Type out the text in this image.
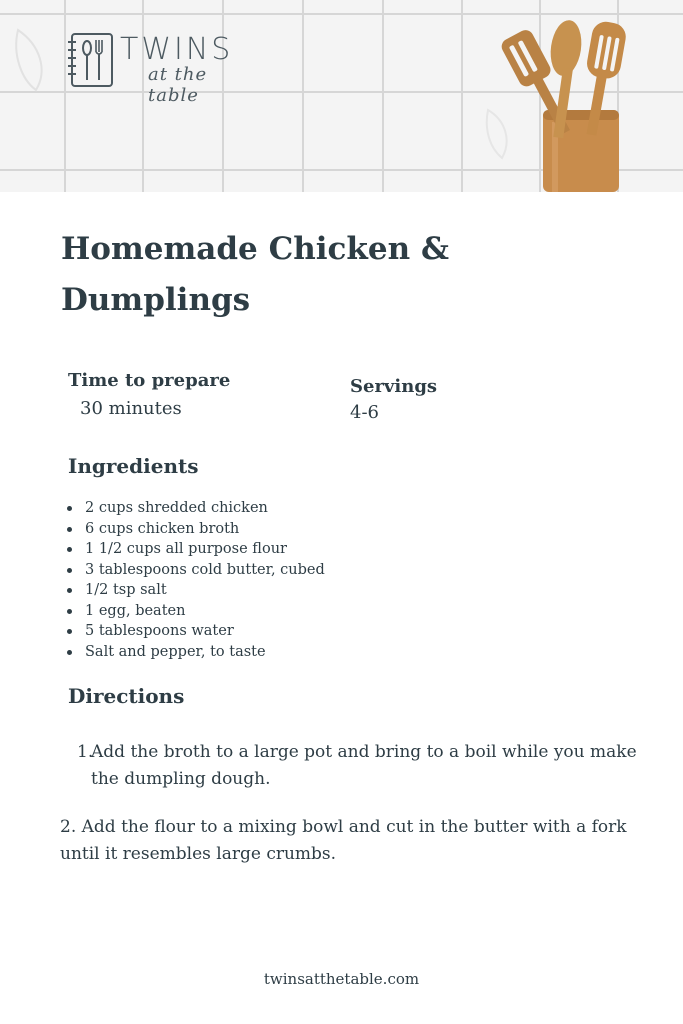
TWINS
at the table
Homemade Chicken & Dumplings

Time to prepare

30 minutes

Servings

4-6

Ingredients
2 cups shredded chicken
6 cups chicken broth
1 1/2 cups all purpose flour
3 tablespoons cold butter, cubed
1/2 tsp salt
1 egg, beaten
5 tablespoons water
Salt and pepper, to taste
Directions

1.
Add the broth to a large pot and bring to a boil while you make the dumpling dough.

2. Add the flour to a mixing bowl and cut in the butter with a fork until it resembles large crumbs.

twinsatthetable.com
